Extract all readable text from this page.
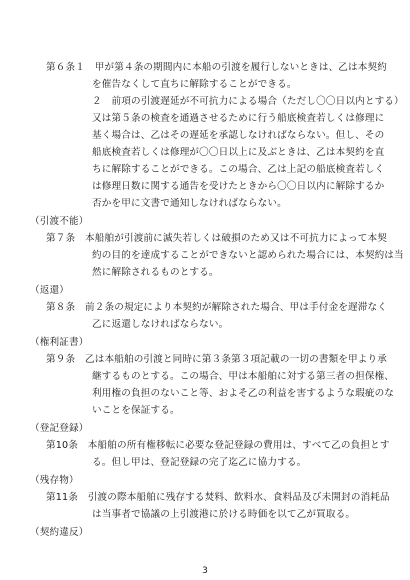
第６条１　甲が第４条の期間内に本船の引渡を履行しないときは、乙は本契約
を催告なくして直ちに解除することができる。
２　前項の引渡遅延が不可抗力による場合（ただし〇〇日以内とする）
又は第５条の検査を通過させるために行う船底検査若しくは修理に
基く場合は、乙はその遅延を承認しなければならない。但し、その
船底検査若しくは修理が〇〇日以上に及ぶときは、乙は本契約を直
ちに解除することができる。この場合、乙は上記の船底検査若しく
は修理日数に関する通告を受けたときから〇〇日以内に解除するか
否かを甲に文書で通知しなければならない。
（引渡不能）
第７条　本船舶が引渡前に滅失若しくは破損のため又は不可抗力によって本契
約の目的を達成することができないと認められた場合には、本契約は当
然に解除されるものとする。
（返還）
第８条　前２条の規定により本契約が解除された場合、甲は手付金を遅滞なく
乙に返還しなければならない。
（権利証書）
第９条　乙は本船舶の引渡と同時に第３条第３項記載の一切の書類を甲より承
継するものとする。この場合、甲は本船舶に対する第三者の担保権、
利用権の負担のないこと等、およそ乙の利益を害するような瑕疵のな
いことを保証する。
（登記登録）
第10条　本船舶の所有権移転に必要な登記登録の費用は、すべて乙の負担とす
る。但し甲は、登記登録の完了迄乙に協力する。
（残存物）
第11条　引渡の際本船舶に残存する焚料、飲料水、食料品及び未開封の消耗品
は当事者で協議の上引渡港に於ける時価を以て乙が買取る。
（契約違反）
3
